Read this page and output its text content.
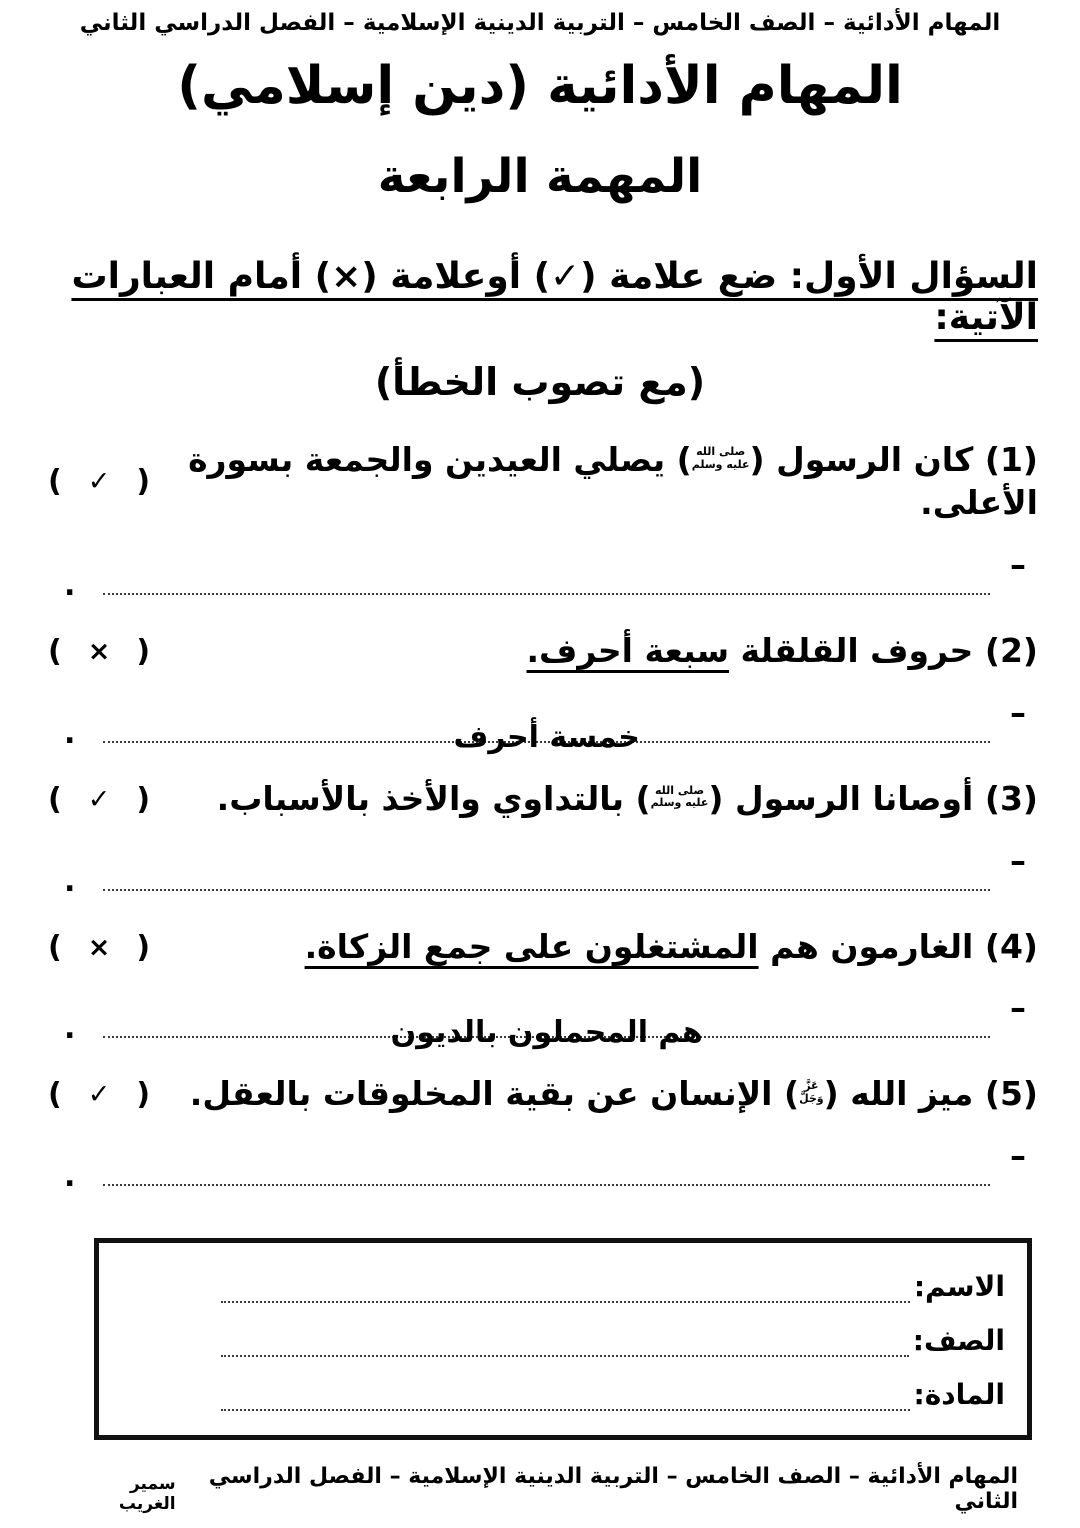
المهام الأدائية – الصف الخامس – التربية الدينية الإسلامية – الفصل الدراسي الثاني
المهام الأدائية (دين إسلامي)
المهمة الرابعة
السؤال الأول: ضع علامة (✓) أوعلامة (×) أمام العبارات الآتية:
(مع تصوب الخطأ)
(1) كان الرسول (
صلى الله
عليه وسلم
) يصلي العيدين والجمعة بسورة الأعلى.
( ✓ )
–
.
(2) حروف القلقلة سبعة أحرف.
( × )
–
خمسة أحرف
.
(3) أوصانا الرسول (
صلى الله
عليه وسلم
) بالتداوي والأخذ بالأسباب.
( ✓ )
–
.
(4) الغارمون هم المشتغلون على جمع الزكاة.
( × )
–
هم المحملون بالديون
.
(5) ميز الله (
عَزَّ
وَجَلَّ
) الإنسان عن بقية المخلوقات بالعقل.
( ✓ )
–
.
الاسم:
الصف:
المادة:
المهام الأدائية – الصف الخامس – التربية الدينية الإسلامية – الفصل الدراسي الثاني
سمير الغريب
